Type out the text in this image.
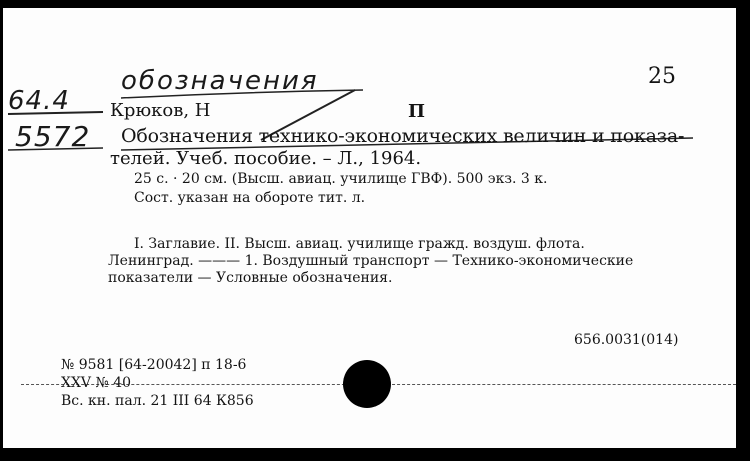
25
обозначения
64.4
5572
Крюков, Н	П
Обозначения технико-экономических величин и показа-
телей. Учеб. пособие. – Л., 1964.
25 с. · 20 см. (Высш. авиац. училище ГВФ). 500 экз. 3 к.
Сост. указан на обороте тит. л.
I. Заглавие. II. Высш. авиац. училище гражд. воздуш. флота.
Ленинград. ——— 1. Воздушный транспорт — Технико-экономические
показатели — Условные обозначения.
656.0031(014)
№ 9581 [64-20042] п 18-6
XXV № 40
Вс. кн. пал. 21 III 64 К856
